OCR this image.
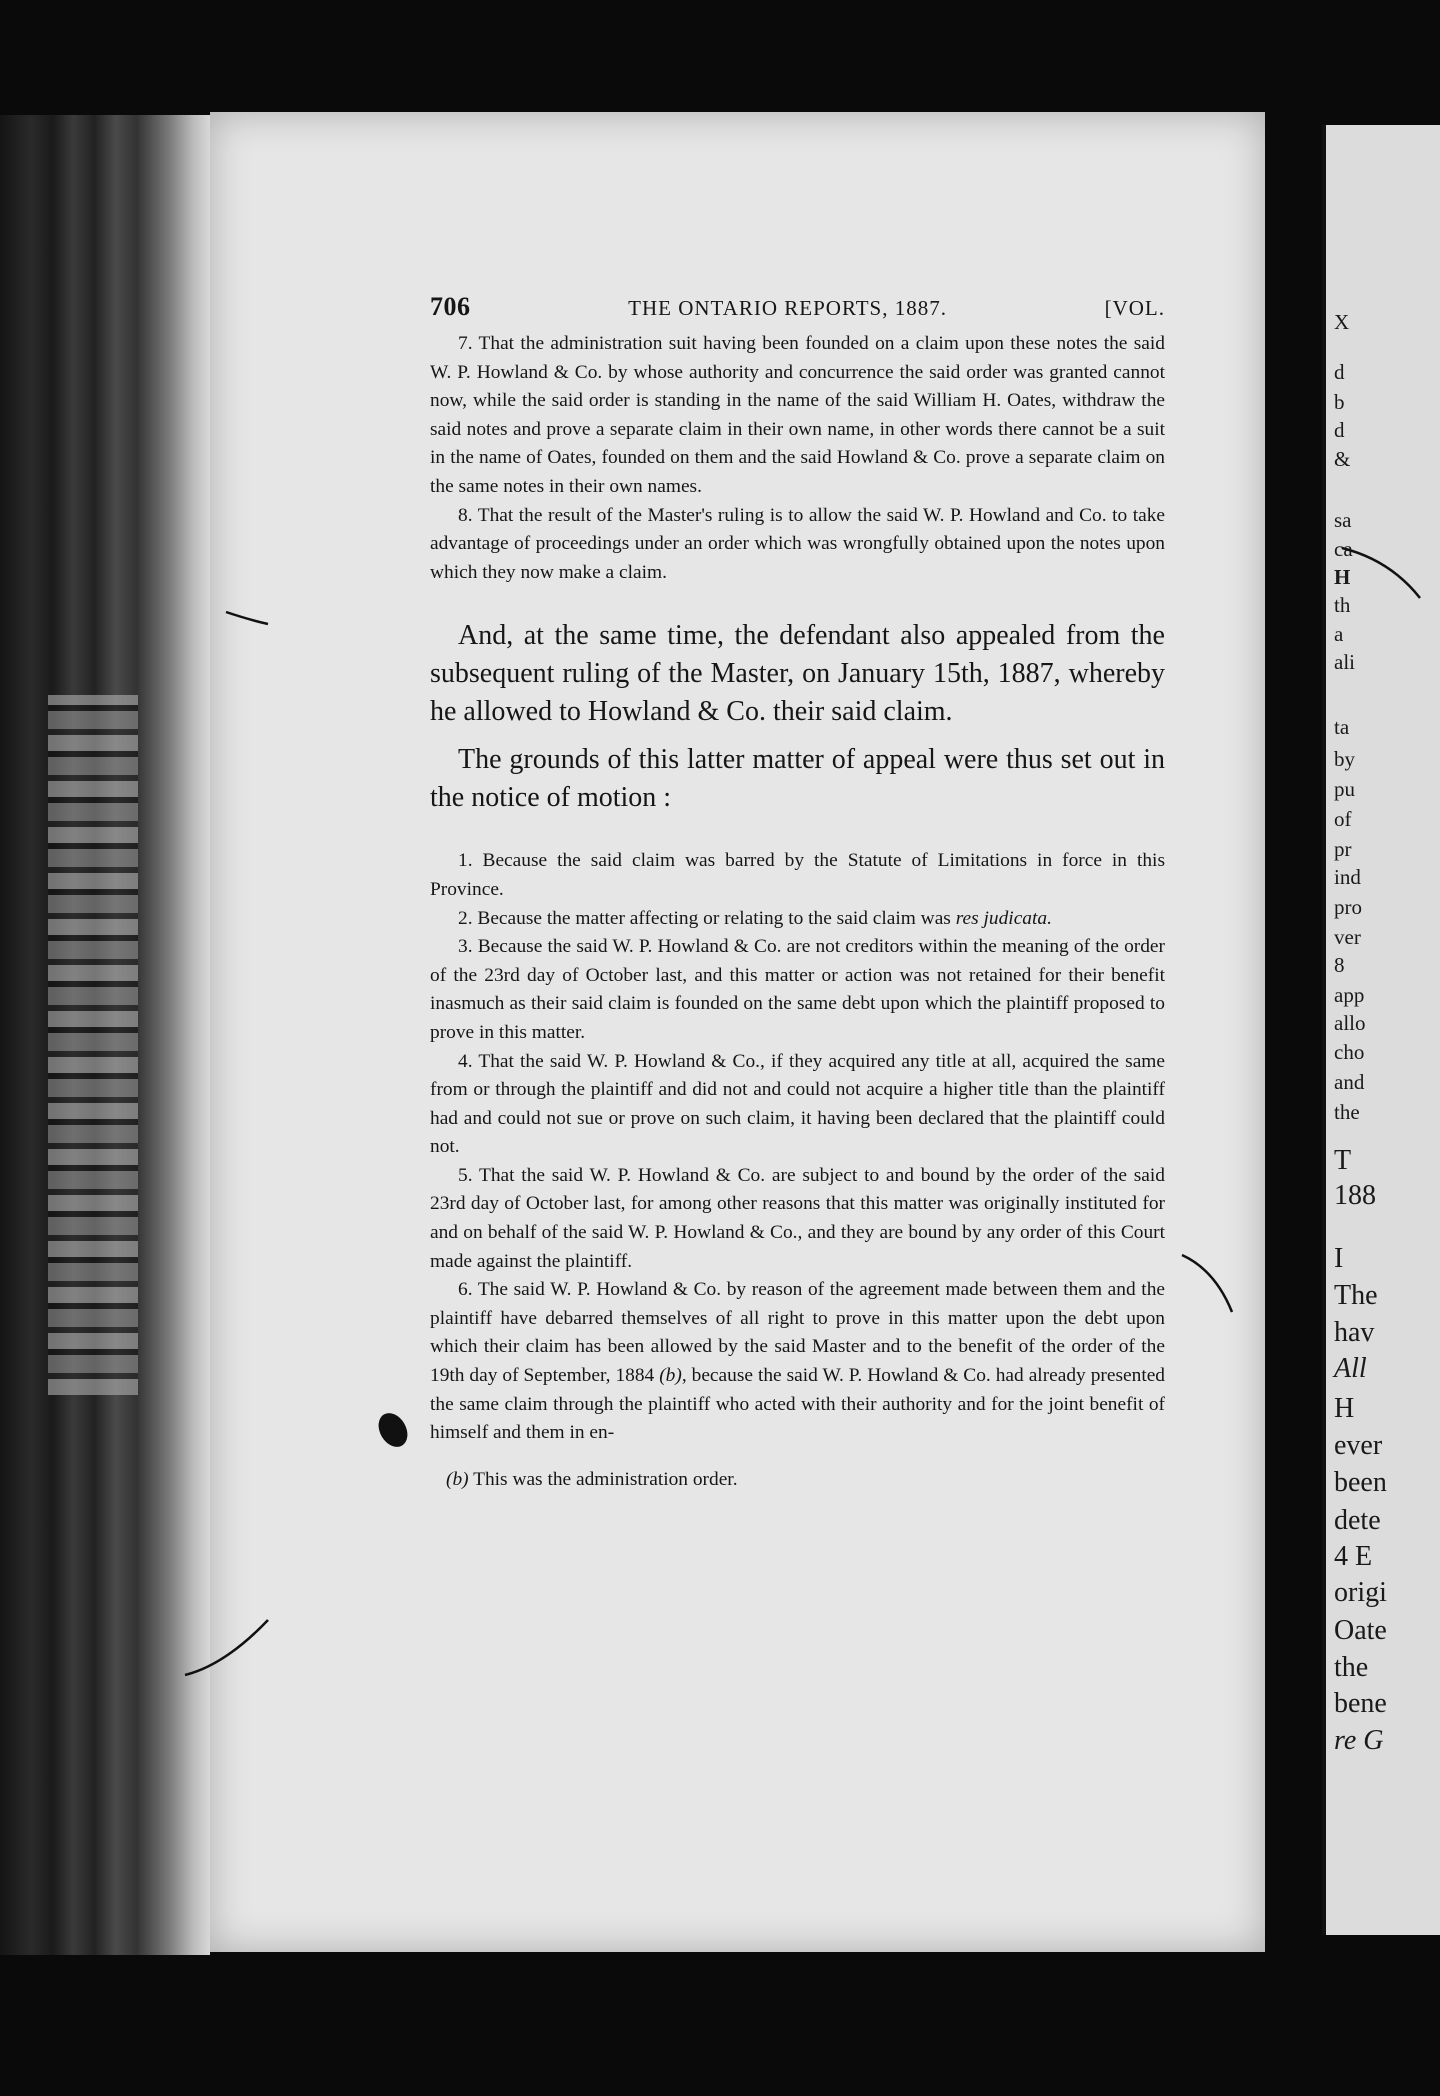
X
d
b
d
&
sa
ca
H
th
a
ali
ta
by
pu
of
pr
ind
pro
ver
8
app
allo
cho
and
the
T
188
I
The
hav
All
H
ever
been
dete
4 E
origi
Oate
the
bene
re G
706	THE ONTARIO REPORTS, 1887.	[VOL.

7. That the administration suit having been founded on a claim upon these notes the said W. P. Howland & Co. by whose authority and concurrence the said order was granted cannot now, while the said order is standing in the name of the said William H. Oates, withdraw the said notes and prove a separate claim in their own name, in other words there cannot be a suit in the name of Oates, founded on them and the said Howland & Co. prove a separate claim on the same notes in their own names.

8. That the result of the Master's ruling is to allow the said W. P. Howland and Co. to take advantage of proceedings under an order which was wrongfully obtained upon the notes upon which they now make a claim.

And, at the same time, the defendant also appealed from the subsequent ruling of the Master, on January 15th, 1887, whereby he allowed to Howland & Co. their said claim.

The grounds of this latter matter of appeal were thus set out in the notice of motion :

1. Because the said claim was barred by the Statute of Limitations in force in this Province.

2. Because the matter affecting or relating to the said claim was res judicata.

3. Because the said W. P. Howland & Co. are not creditors within the meaning of the order of the 23rd day of October last, and this matter or action was not retained for their benefit inasmuch as their said claim is founded on the same debt upon which the plaintiff proposed to prove in this matter.

4. That the said W. P. Howland & Co., if they acquired any title at all, acquired the same from or through the plaintiff and did not and could not acquire a higher title than the plaintiff had and could not sue or prove on such claim, it having been declared that the plaintiff could not.

5. That the said W. P. Howland & Co. are subject to and bound by the order of the said 23rd day of October last, for among other reasons that this matter was originally instituted for and on behalf of the said W. P. Howland & Co., and they are bound by any order of this Court made against the plaintiff.

6. The said W. P. Howland & Co. by reason of the agreement made between them and the plaintiff have debarred themselves of all right to prove in this matter upon the debt upon which their claim has been allowed by the said Master and to the benefit of the order of the 19th day of September, 1884 (b), because the said W. P. Howland & Co. had already presented the same claim through the plaintiff who acted with their authority and for the joint benefit of himself and them in en-

(b) This was the administration order.
